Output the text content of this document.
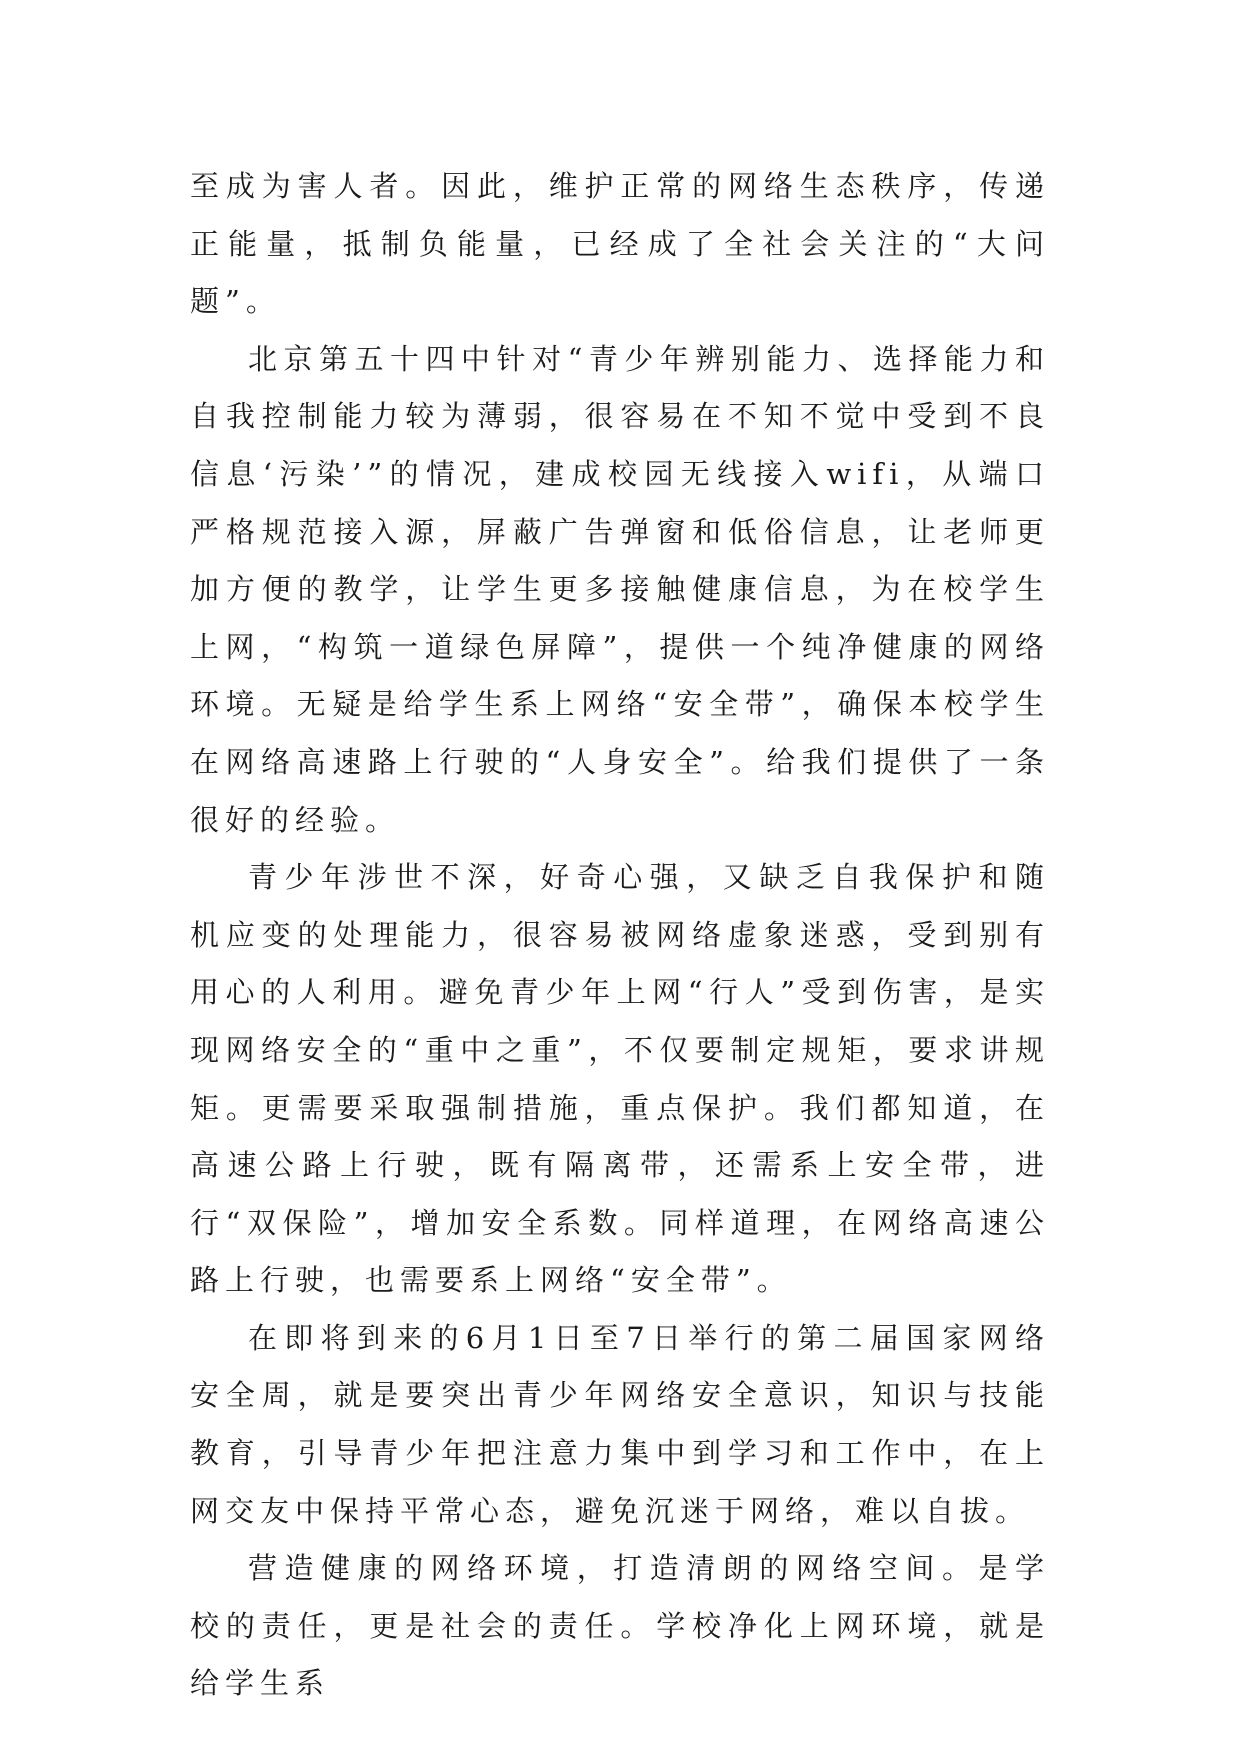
至成为害人者。因此，维护正常的网络生态秩序，传递正能量，抵制负能量，已经成了全社会关注的“大问题”。

北京第五十四中针对“青少年辨别能力、选择能力和自我控制能力较为薄弱，很容易在不知不觉中受到不良信息‘污染’”的情况，建成校园无线接入wifi，从端口严格规范接入源，屏蔽广告弹窗和低俗信息，让老师更加方便的教学，让学生更多接触健康信息，为在校学生上网，“构筑一道绿色屏障”，提供一个纯净健康的网络环境。无疑是给学生系上网络“安全带”，确保本校学生在网络高速路上行驶的“人身安全”。给我们提供了一条很好的经验。

青少年涉世不深，好奇心强，又缺乏自我保护和随机应变的处理能力，很容易被网络虚象迷惑，受到别有用心的人利用。避免青少年上网“行人”受到伤害，是实现网络安全的“重中之重”，不仅要制定规矩，要求讲规矩。更需要采取强制措施，重点保护。我们都知道，在高速公路上行驶，既有隔离带，还需系上安全带，进行“双保险”，增加安全系数。同样道理，在网络高速公路上行驶，也需要系上网络“安全带”。

在即将到来的6月1日至7日举行的第二届国家网络安全周，就是要突出青少年网络安全意识，知识与技能教育，引导青少年把注意力集中到学习和工作中，在上网交友中保持平常心态，避免沉迷于网络，难以自拔。

营造健康的网络环境，打造清朗的网络空间。是学校的责任，更是社会的责任。学校净化上网环境，就是给学生系
